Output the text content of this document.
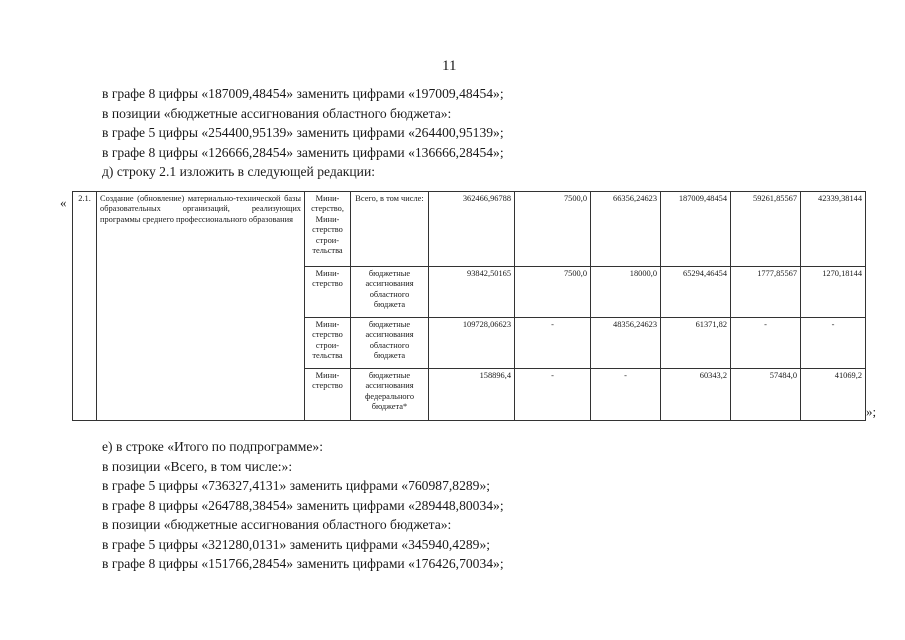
11
в графе 8 цифры «187009,48454» заменить цифрами «197009,48454»;
в позиции «бюджетные ассигнования областного бюджета»:
в графе 5 цифры «254400,95139» заменить цифрами «264400,95139»;
в графе 8 цифры «126666,28454» заменить цифрами «136666,28454»;
д) строку 2.1 изложить в следующей редакции:
« 2.1.	Создание (обновление) материально-технической базы образовательных организаций, реализующих программы среднего профессионального образования	Мини-стерство, Мини-стерство строи-тельства	Всего, в том числе:	362466,96788	7500,0	66356,24623	187009,48454	59261,85567	42339,38144
		Мини-стерство	бюджетные ассигнования областного бюджета	93842,50165	7500,0	18000,0	65294,46454	1777,85567	1270,18144
		Мини-стерство строи-тельства	бюджетные ассигнования областного бюджета	109728,06623	-	48356,24623	61371,82	-	-
		Мини-стерство	бюджетные ассигнования федерального бюджета*	158896,4	-	-	60343,2	57484,0	41069,2
»;
е) в строке «Итого по подпрограмме»:
в позиции «Всего, в том числе:»:
в графе 5 цифры «736327,4131» заменить цифрами «760987,8289»;
в графе 8 цифры «264788,38454» заменить цифрами «289448,80034»;
в позиции «бюджетные ассигнования областного бюджета»:
в графе 5 цифры «321280,0131» заменить цифрами «345940,4289»;
в графе 8 цифры «151766,28454» заменить цифрами «176426,70034»;
